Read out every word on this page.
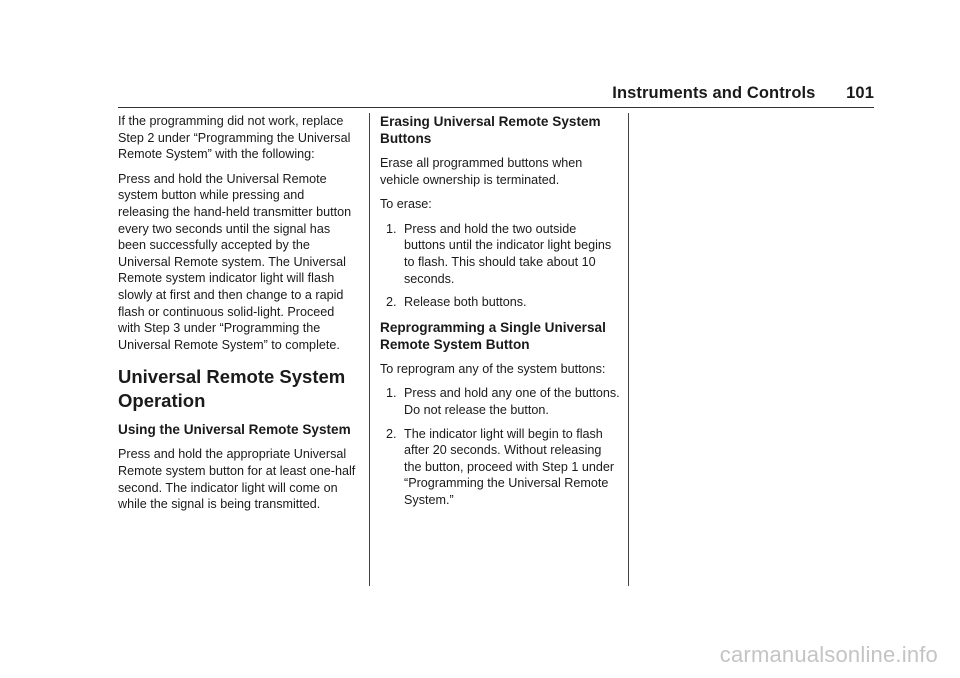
Instruments and Controls 101

If the programming did not work, replace Step 2 under “Programming the Universal Remote System” with the following:

Press and hold the Universal Remote system button while pressing and releasing the hand-held transmitter button every two seconds until the signal has been successfully accepted by the Universal Remote system. The Universal Remote system indicator light will flash slowly at first and then change to a rapid flash or continuous solid-light. Proceed with Step 3 under “Programming the Universal Remote System” to complete.

Universal Remote System Operation
Using the Universal Remote System

Press and hold the appropriate Universal Remote system button for at least one-half second. The indicator light will come on while the signal is being transmitted.

Erasing Universal Remote System Buttons

Erase all programmed buttons when vehicle ownership is terminated.

To erase:

1. Press and hold the two outside buttons until the indicator light begins to flash. This should take about 10 seconds.
2. Release both buttons.
Reprogramming a Single Universal Remote System Button

To reprogram any of the system buttons:

1. Press and hold any one of the buttons. Do not release the button.
2. The indicator light will begin to flash after 20 seconds. Without releasing the button, proceed with Step 1 under “Programming the Universal Remote System.”
carmanualsonline.info
